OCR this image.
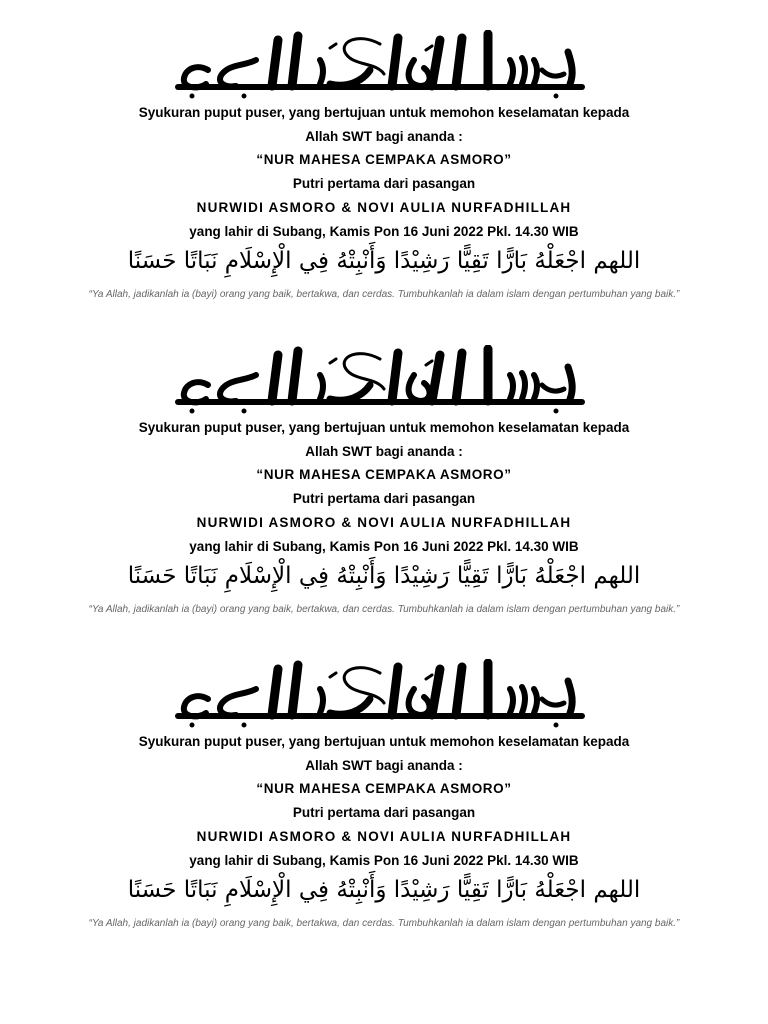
Syukuran puput puser, yang bertujuan untuk memohon keselamatan kepada
Allah SWT bagi ananda :
“NUR MAHESA CEMPAKA ASMORO”
Putri pertama dari pasangan
NURWIDI ASMORO & NOVI AULIA NURFADHILLAH
yang lahir di Subang, Kamis Pon 16 Juni 2022 Pkl. 14.30 WIB
اللهم اجْعَلْهُ بَارًّا تَقِيًّا رَشِيْدًا وَأَنْبِتْهُ فِي الْإِسْلَامِ نَبَاتًا حَسَنًا
“Ya Allah, jadikanlah ia (bayi) orang yang baik, bertakwa, dan cerdas. Tumbuhkanlah ia dalam islam dengan pertumbuhan yang baik.”
Syukuran puput puser, yang bertujuan untuk memohon keselamatan kepada
Allah SWT bagi ananda :
“NUR MAHESA CEMPAKA ASMORO”
Putri pertama dari pasangan
NURWIDI ASMORO & NOVI AULIA NURFADHILLAH
yang lahir di Subang, Kamis Pon 16 Juni 2022 Pkl. 14.30 WIB
اللهم اجْعَلْهُ بَارًّا تَقِيًّا رَشِيْدًا وَأَنْبِتْهُ فِي الْإِسْلَامِ نَبَاتًا حَسَنًا
“Ya Allah, jadikanlah ia (bayi) orang yang baik, bertakwa, dan cerdas. Tumbuhkanlah ia dalam islam dengan pertumbuhan yang baik.”
Syukuran puput puser, yang bertujuan untuk memohon keselamatan kepada
Allah SWT bagi ananda :
“NUR MAHESA CEMPAKA ASMORO”
Putri pertama dari pasangan
NURWIDI ASMORO & NOVI AULIA NURFADHILLAH
yang lahir di Subang, Kamis Pon 16 Juni 2022 Pkl. 14.30 WIB
اللهم اجْعَلْهُ بَارًّا تَقِيًّا رَشِيْدًا وَأَنْبِتْهُ فِي الْإِسْلَامِ نَبَاتًا حَسَنًا
“Ya Allah, jadikanlah ia (bayi) orang yang baik, bertakwa, dan cerdas. Tumbuhkanlah ia dalam islam dengan pertumbuhan yang baik.”
